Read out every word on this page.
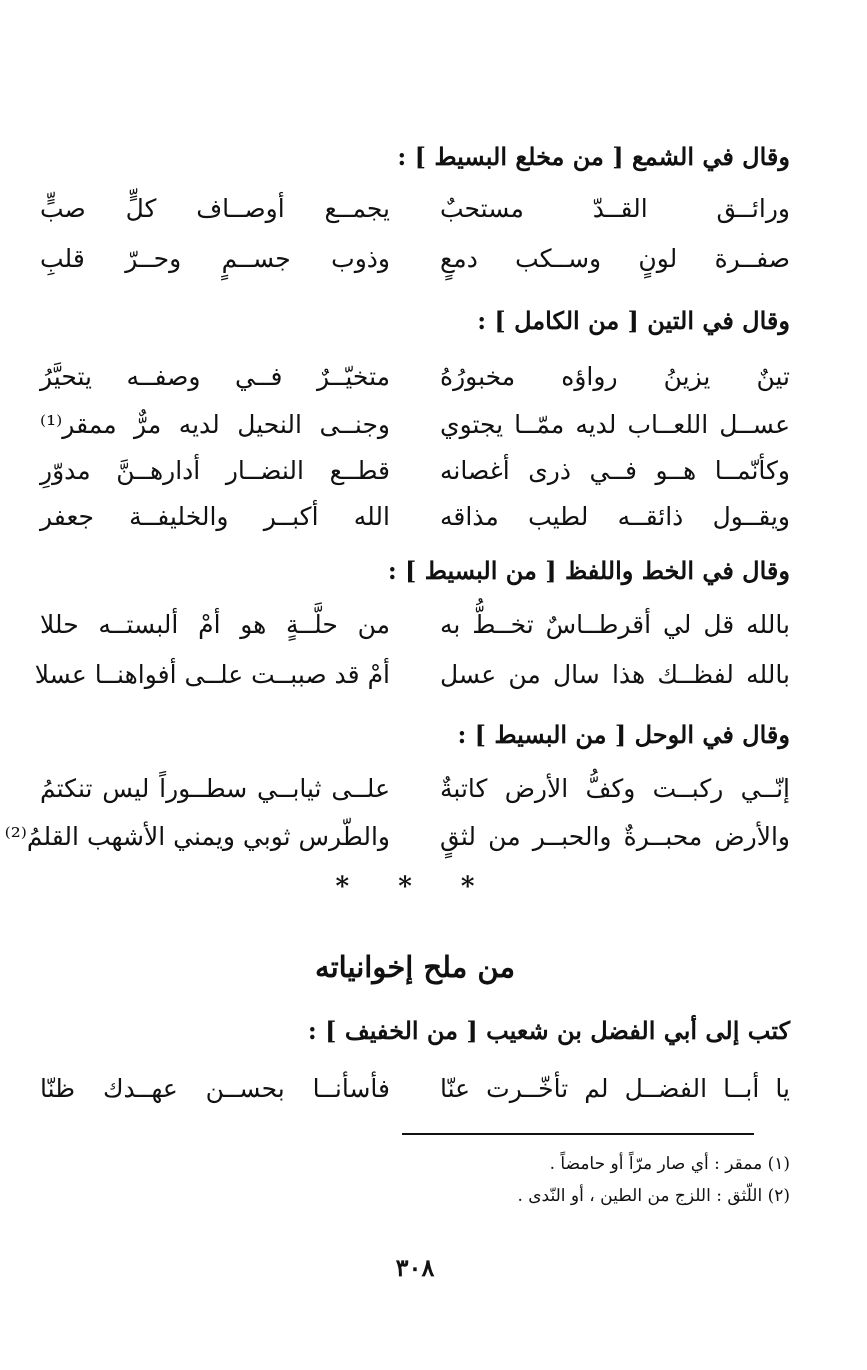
وقال في الشمع [ من مخلع البسيط ] :
ورائــق القــدّ مستحبٌ
يجمــع أوصــاف كلٍّ صبٍّ
صفــرة لونٍ وســكب دمعٍ
وذوب جســمٍ وحــرّ قلبِ
وقال في التين [ من الكامل ] :
تينٌ يزينُ رواؤه مخبورُهُ
متخيّــرٌ فــي وصفــه يتحيَّرُ
عســل اللعــاب لديه ممّــا يجتوي
وجنــى النحيل لديه مرٌّ ممقر⁽¹⁾
وكأنّمــا هــو فــي ذرى أغصانه
قطــع النضــار أدارهــنَّ مدوّرِ
ويقــول ذائقــه لطيب مذاقه
الله أكبــر والخليفــة جعفر
وقال في الخط واللفظ [ من البسيط ] :
بالله قل لي أقرطــاسٌ تخــطُّ به
من حلَّــةٍ هو أمْ ألبستــه حللا
بالله لفظــك هذا سال من عسل
أمْ قد صببــت علــى أفواهنــا عسلا
وقال في الوحل [ من البسيط ] :
إنّــي ركبــت وكفُّ الأرض كاتبةٌ
علــى ثيابــي سطــوراً ليس تنكتمُ
والأرض محبــرةٌ والحبــر من لثقٍ
والطّرس ثوبي ويمني الأشهب القلمُ⁽²⁾
* * *
من ملح إخوانياته
كتب إلى أبي الفضل بن شعيب [ من الخفيف ] :
يا أبــا الفضــل لم تأخّــرت عنّا
فأسأنــا بحســن عهــدك ظنّا
(١) ممقر : أي صار مرّاً أو حامضاً .
(٢) اللّثق : اللزج من الطين ، أو النّدى .
٣٠٨
